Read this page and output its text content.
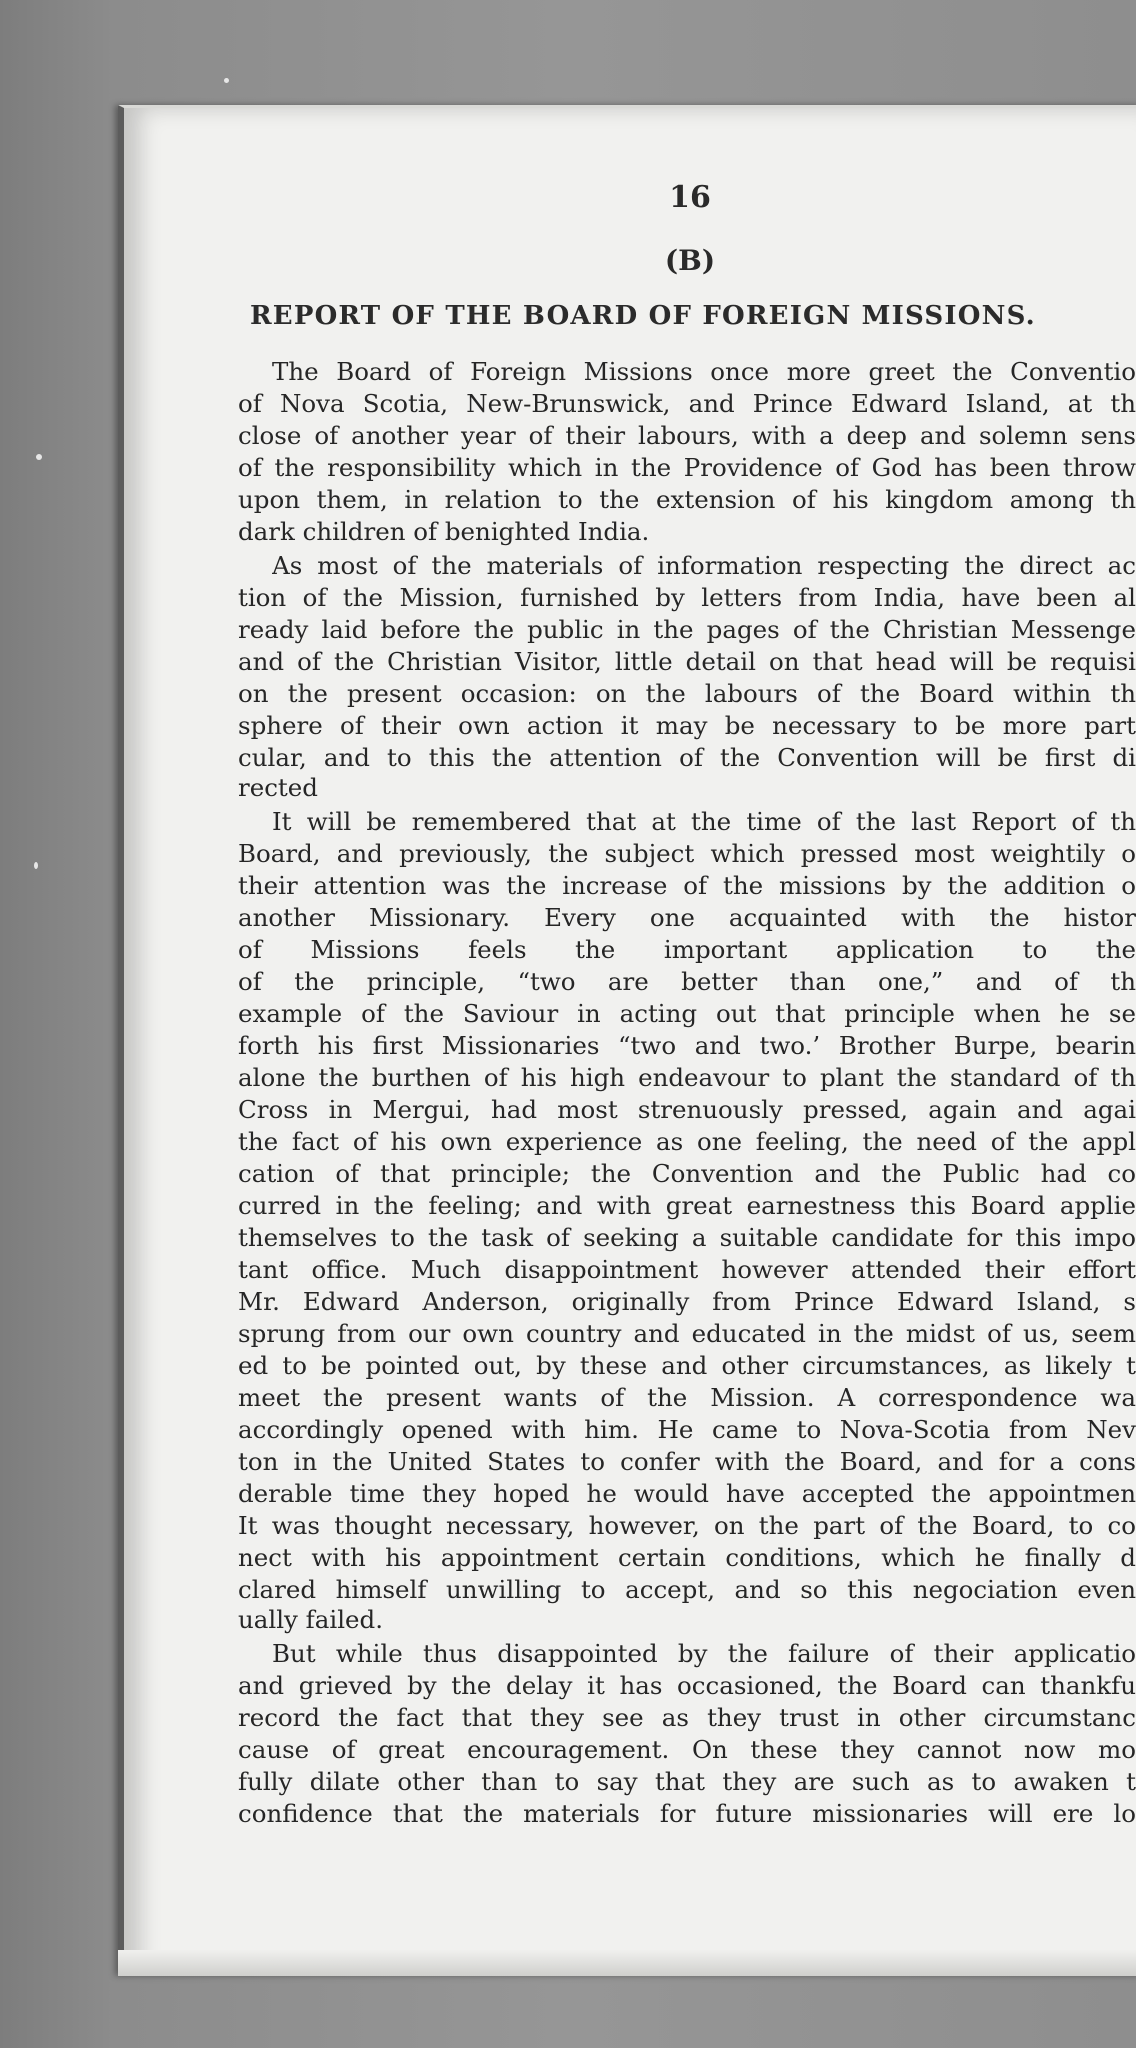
16
(B)
REPORT OF THE BOARD OF FOREIGN MISSIONS.
The Board of Foreign Missions once more greet the Conventio
of Nova Scotia, New-Brunswick, and Prince Edward Island, at th
close of another year of their labours, with a deep and solemn sens
of the responsibility which in the Providence of God has been throw
upon them, in relation to the extension of his kingdom among th
dark children of benighted India.
As most of the materials of information respecting the direct ac
tion of the Mission, furnished by letters from India, have been al
ready laid before the public in the pages of the Christian Messenge
and of the Christian Visitor, little detail on that head will be requisi
on the present occasion: on the labours of the Board within th
sphere of their own action it may be necessary to be more part
cular, and to this the attention of the Convention will be first di
rected
It will be remembered that at the time of the last Report of th
Board, and previously, the subject which pressed most weightily o
their attention was the increase of the missions by the addition o
another Missionary. Every one acquainted with the histor
of Missions feels the important application to the
of the principle, “two are better than one,” and of th
example of the Saviour in acting out that principle when he se
forth his first Missionaries “two and two.’ Brother Burpe, bearin
alone the burthen of his high endeavour to plant the standard of th
Cross in Mergui, had most strenuously pressed, again and agai
the fact of his own experience as one feeling, the need of the appl
cation of that principle; the Convention and the Public had co
curred in the feeling; and with great earnestness this Board applie
themselves to the task of seeking a suitable candidate for this impo
tant office. Much disappointment however attended their effort
Mr. Edward Anderson, originally from Prince Edward Island, s
sprung from our own country and educated in the midst of us, seem
ed to be pointed out, by these and other circumstances, as likely t
meet the present wants of the Mission. A correspondence wa
accordingly opened with him. He came to Nova-Scotia from Nev
ton in the United States to confer with the Board, and for a cons
derable time they hoped he would have accepted the appointmen
It was thought necessary, however, on the part of the Board, to co
nect with his appointment certain conditions, which he finally d
clared himself unwilling to accept, and so this negociation even
ually failed.
But while thus disappointed by the failure of their applicatio
and grieved by the delay it has occasioned, the Board can thankfu
record the fact that they see as they trust in other circumstanc
cause of great encouragement. On these they cannot now mo
fully dilate other than to say that they are such as to awaken t
confidence that the materials for future missionaries will ere lo
